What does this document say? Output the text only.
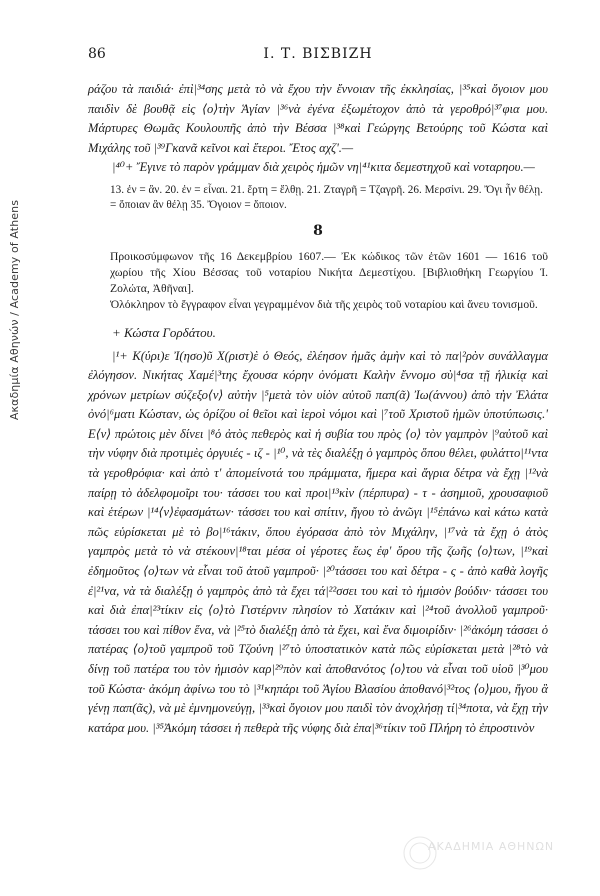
Ακαδημία Αθηνών / Academy of Athens
86	I. Τ. ΒΙΣΒΙΖΗ

ράζου τὰ παιδιά· ἐπὶ|³⁴σης μετὰ τὸ νὰ ἔχου τὴν ἔννοιαν τῆς ἐκκλησίας, |³⁵καὶ ὄγοιον μου παιδὶν δὲ βουθᾷ εἰς ⟨ο⟩τὴν Ἁγίαν |³⁶νὰ ἐγένα ἐξωμέτοχον ἀπὸ τὰ γεροθρό|³⁷φια μου. Μάρτυρες Θωμᾶς Κουλουπῆς ἀπὸ τὴν Βέσσα |³⁸καὶ Γεώργης Βετούρης τοῦ Κώστα καὶ Μιχάλης τοῦ |³⁹Γκανᾶ κεῖνοι καὶ ἕτεροι. Ἔτος αχζ'.—

|⁴⁰+ Ἔγινε τὸ παρὸν γράμμαν διὰ χειρὸς ἡμῶν νη|⁴¹κιτα δεμεστηχοῦ καὶ νοταρηου.—

13. ἐν = ἂν. 20. ἐν = εἶναι. 21. ἔρτη = ἔλθῃ. 21. Ζταγρῆ = Τζαγρῆ. 26. Μερσίνι. 29. Ὄγι ἦν θέλῃ. = ὅποιαν ἂν θέλῃ 35. Ὄγοιον = ὅποιον.
8

Προικοσύμφωνον τῆς 16 Δεκεμβρίου 1607.— Ἐκ κώδικος τῶν ἐτῶν 1601 — 1616 τοῦ χωρίου τῆς Χίου Βέσσας τοῦ νοταρίου Νικήτα Δεμεστίχου. [Βιβλιοθήκη Γεωργίου Ί. Ζολώτα, Ἀθῆναι].

Ὁλόκληρον τὸ ἔγγραφον εἶναι γεγραμμένον διὰ τῆς χειρὸς τοῦ νοταρίου καὶ ἄνευ τονισμοῦ.

+ Κώστα Γορδάτου.

|¹+ Κ(ύρι)ε Ἰ(ησο)ῦ Χ(ριστ)ὲ ὁ Θεός, ἐλέησον ἡμᾶς ἀμὴν καὶ τὸ πα|²ρὸν συνάλλαγμα ἐλόγησον. Νικήτας Χαμέ|³της ἔχουσα κόρην ὀνόματι Καλὴν ἔννομο σὺ|⁴σα τῇ ἡλικίᾳ καὶ χρόνων μετρίων σύζεξο⟨ν⟩ αὐτὴν |⁵μετὰ τὸν υἱὸν αὐτοῦ παπ(ᾶ) Ἰω(άννου) ἀπὸ τὴν Ἐλάτα ὀνό|⁶ματι Κώσταν, ὡς ὁρίζου οἱ θεῖοι καὶ ἱεροὶ νόμοι καὶ |⁷τοῦ Χριστοῦ ἡμῶν ὑποτύπωσις.' Ε⟨ν⟩ πρώτοις μὲν δίνει |⁸ὁ ἀτὸς πεθερὸς καὶ ἡ συβία του πρὸς ⟨ο⟩ τὸν γαμπρὸν |⁹αὐτοῦ καὶ τὴν νύφην διὰ προτιμὲς ὀργυιές - ιζ - |¹⁰, νὰ τὲς διαλέξῃ ὁ γαμπρὸς ὅπου θέλει, φυλάττο|¹¹ντα τὰ γεροθρόφια· καὶ ἀπὸ τ' ἀπομείνοτά του πράμματα, ἥμερα καὶ ἄγρια δέτρα νὰ ἔχῃ |¹²νὰ παίρῃ τὸ ἀδελφομοῖρι του· τάσσει του καὶ προι|¹³κὶν (πέρπυρα) - τ - ἀσημιοῦ, χρουσαφιοῦ καὶ ἑτέρων |¹⁴⟨ν⟩ἐφασμάτων· τάσσει του καὶ σπίτιν, ἤγου τὸ ἀνῶγι |¹⁵ἐπάνω καὶ κάτω κατὰ πῶς εὑρίσκεται μὲ τὸ βο|¹⁶τάκιν, ὅπου ἐγόρασα ἀπὸ τὸν Μιχάλην, |¹⁷νὰ τὰ ἔχῃ ὁ ἀτὸς γαμπρὸς μετὰ τὸ νὰ στέκουν|¹⁸ται μέσα οἱ γέροτες ἕως ἐφ' ὅρου τῆς ζωῆς ⟨ο⟩των, |¹⁹καὶ ἐδημοῦτος ⟨ο⟩των νὰ εἶναι τοῦ ἀτοῦ γαμπροῦ· |²⁰τάσσει του καὶ δέτρα - ς - ἀπὸ καθὰ λογῆς ἐ|²¹να, νὰ τὰ διαλέξῃ ὁ γαμπρὸς ἀπὸ τὰ ἔχει τά|²²σσει του καὶ τὸ ἡμισὸν βούδιν· τάσσει του καὶ διὰ ἐπα|²³τίκιν εἰς ⟨ο⟩τὸ Γιστέρνιν πλησίον τὸ Χατάκιν καὶ |²⁴τοῦ ἀνολλοῦ γαμπροῦ· τάσσει του καὶ πίθον ἕνα, νὰ |²⁵τὸ διαλέξῃ ἀπὸ τὰ ἔχει, καὶ ἕνα διμοιρίδιν· |²⁶ἀκόμη τάσσει ὁ πατέρας ⟨ο⟩τοῦ γαμπροῦ τοῦ Τζούνη |²⁷τὸ ὑποστατικὸν κατὰ πῶς εὑρίσκεται μετὰ |²⁸τὸ νὰ δίνῃ τοῦ πατέρα του τὸν ἡμισὸν καρ|²⁹πὸν καὶ ἀποθανότος ⟨ο⟩του νὰ εἶναι τοῦ υἱοῦ |³⁰μου τοῦ Κώστα· ἀκόμη ἀφίνω του τὸ |³¹κηπάρι τοῦ Ἁγίου Βλασίου ἀποθανό|³²τος ⟨ο⟩μου, ἤγου ἃ γένῃ παπ(ᾶς), νὰ μὲ ἐμνημονεύγῃ, |³³καὶ ὄγοιον μου παιδὶ τὸν ἀνοχλήσῃ τί|³⁴ποτα, νὰ ἔχῃ τὴν κατάρα μου. |³⁵Ἀκόμη τάσσει ἡ πεθερὰ τῆς νύφης διὰ ἐπα|³⁶τίκιν τοῦ Πλήρη τὸ ἐπροστινὸν

ΑΚΑΔΗΜΙΑ ΑΘΗΝΩΝ
